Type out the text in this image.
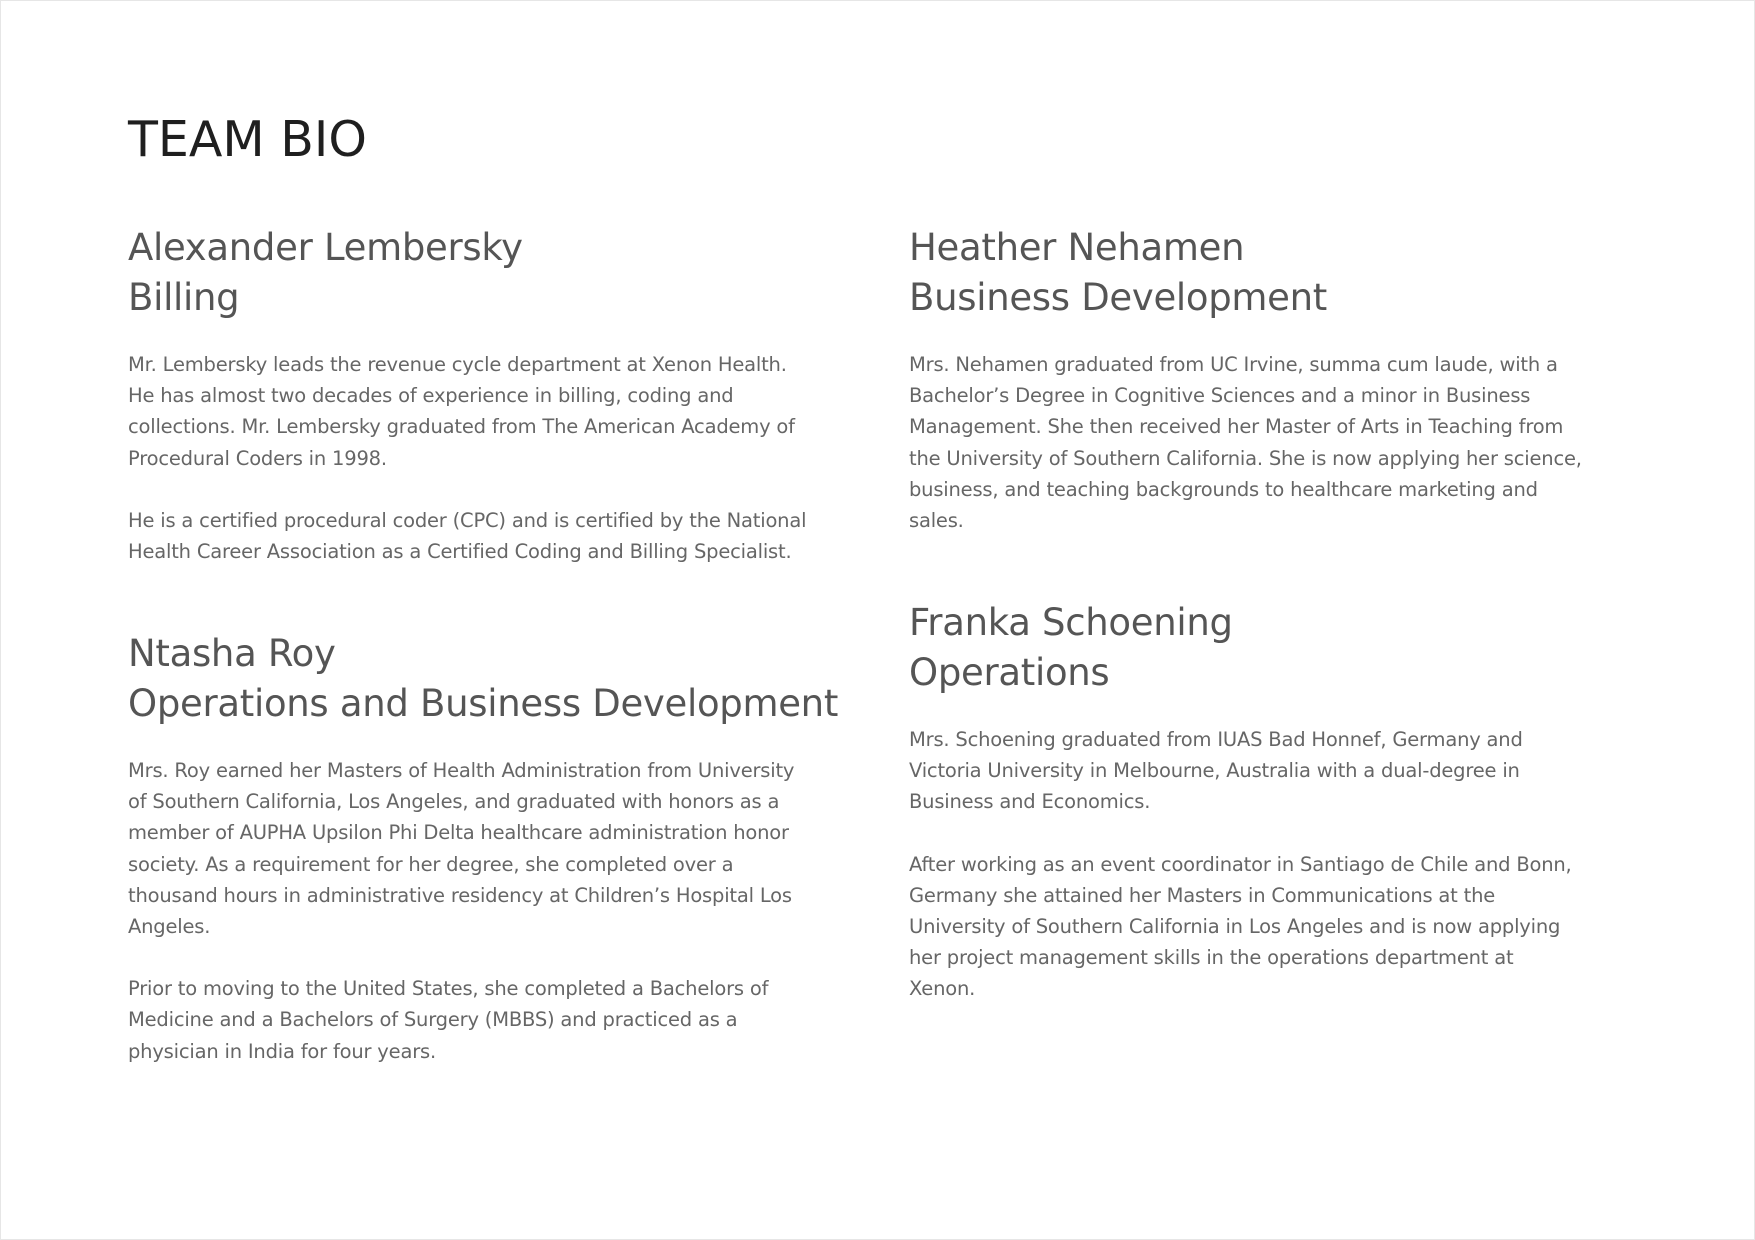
TEAM BIO
Alexander Lembersky
Billing

Mr. Lembersky leads the revenue cycle department at Xenon Health.
He has almost two decades of experience in billing, coding and
collections. Mr. Lembersky graduated from The American Academy of
Procedural Coders in 1998.

He is a certified procedural coder (CPC) and is certified by the National
Health Career Association as a Certified Coding and Billing Specialist.

Heather Nehamen
Business Development

Mrs. Nehamen graduated from UC Irvine, summa cum laude, with a
Bachelor’s Degree in Cognitive Sciences and a minor in Business
Management. She then received her Master of Arts in Teaching from
the University of Southern California. She is now applying her science,
business, and teaching backgrounds to healthcare marketing and
sales.

Ntasha Roy
Operations and Business Development

Mrs. Roy earned her Masters of Health Administration from University
of Southern California, Los Angeles, and graduated with honors as a
member of AUPHA Upsilon Phi Delta healthcare administration honor
society. As a requirement for her degree, she completed over a
thousand hours in administrative residency at Children’s Hospital Los
Angeles.

Prior to moving to the United States, she completed a Bachelors of
Medicine and a Bachelors of Surgery (MBBS) and practiced as a
physician in India for four years.

Franka Schoening
Operations

Mrs. Schoening graduated from IUAS Bad Honnef, Germany and
Victoria University in Melbourne, Australia with a dual-degree in
Business and Economics.

After working as an event coordinator in Santiago de Chile and Bonn,
Germany she attained her Masters in Communications at the
University of Southern California in Los Angeles and is now applying
her project management skills in the operations department at
Xenon.
